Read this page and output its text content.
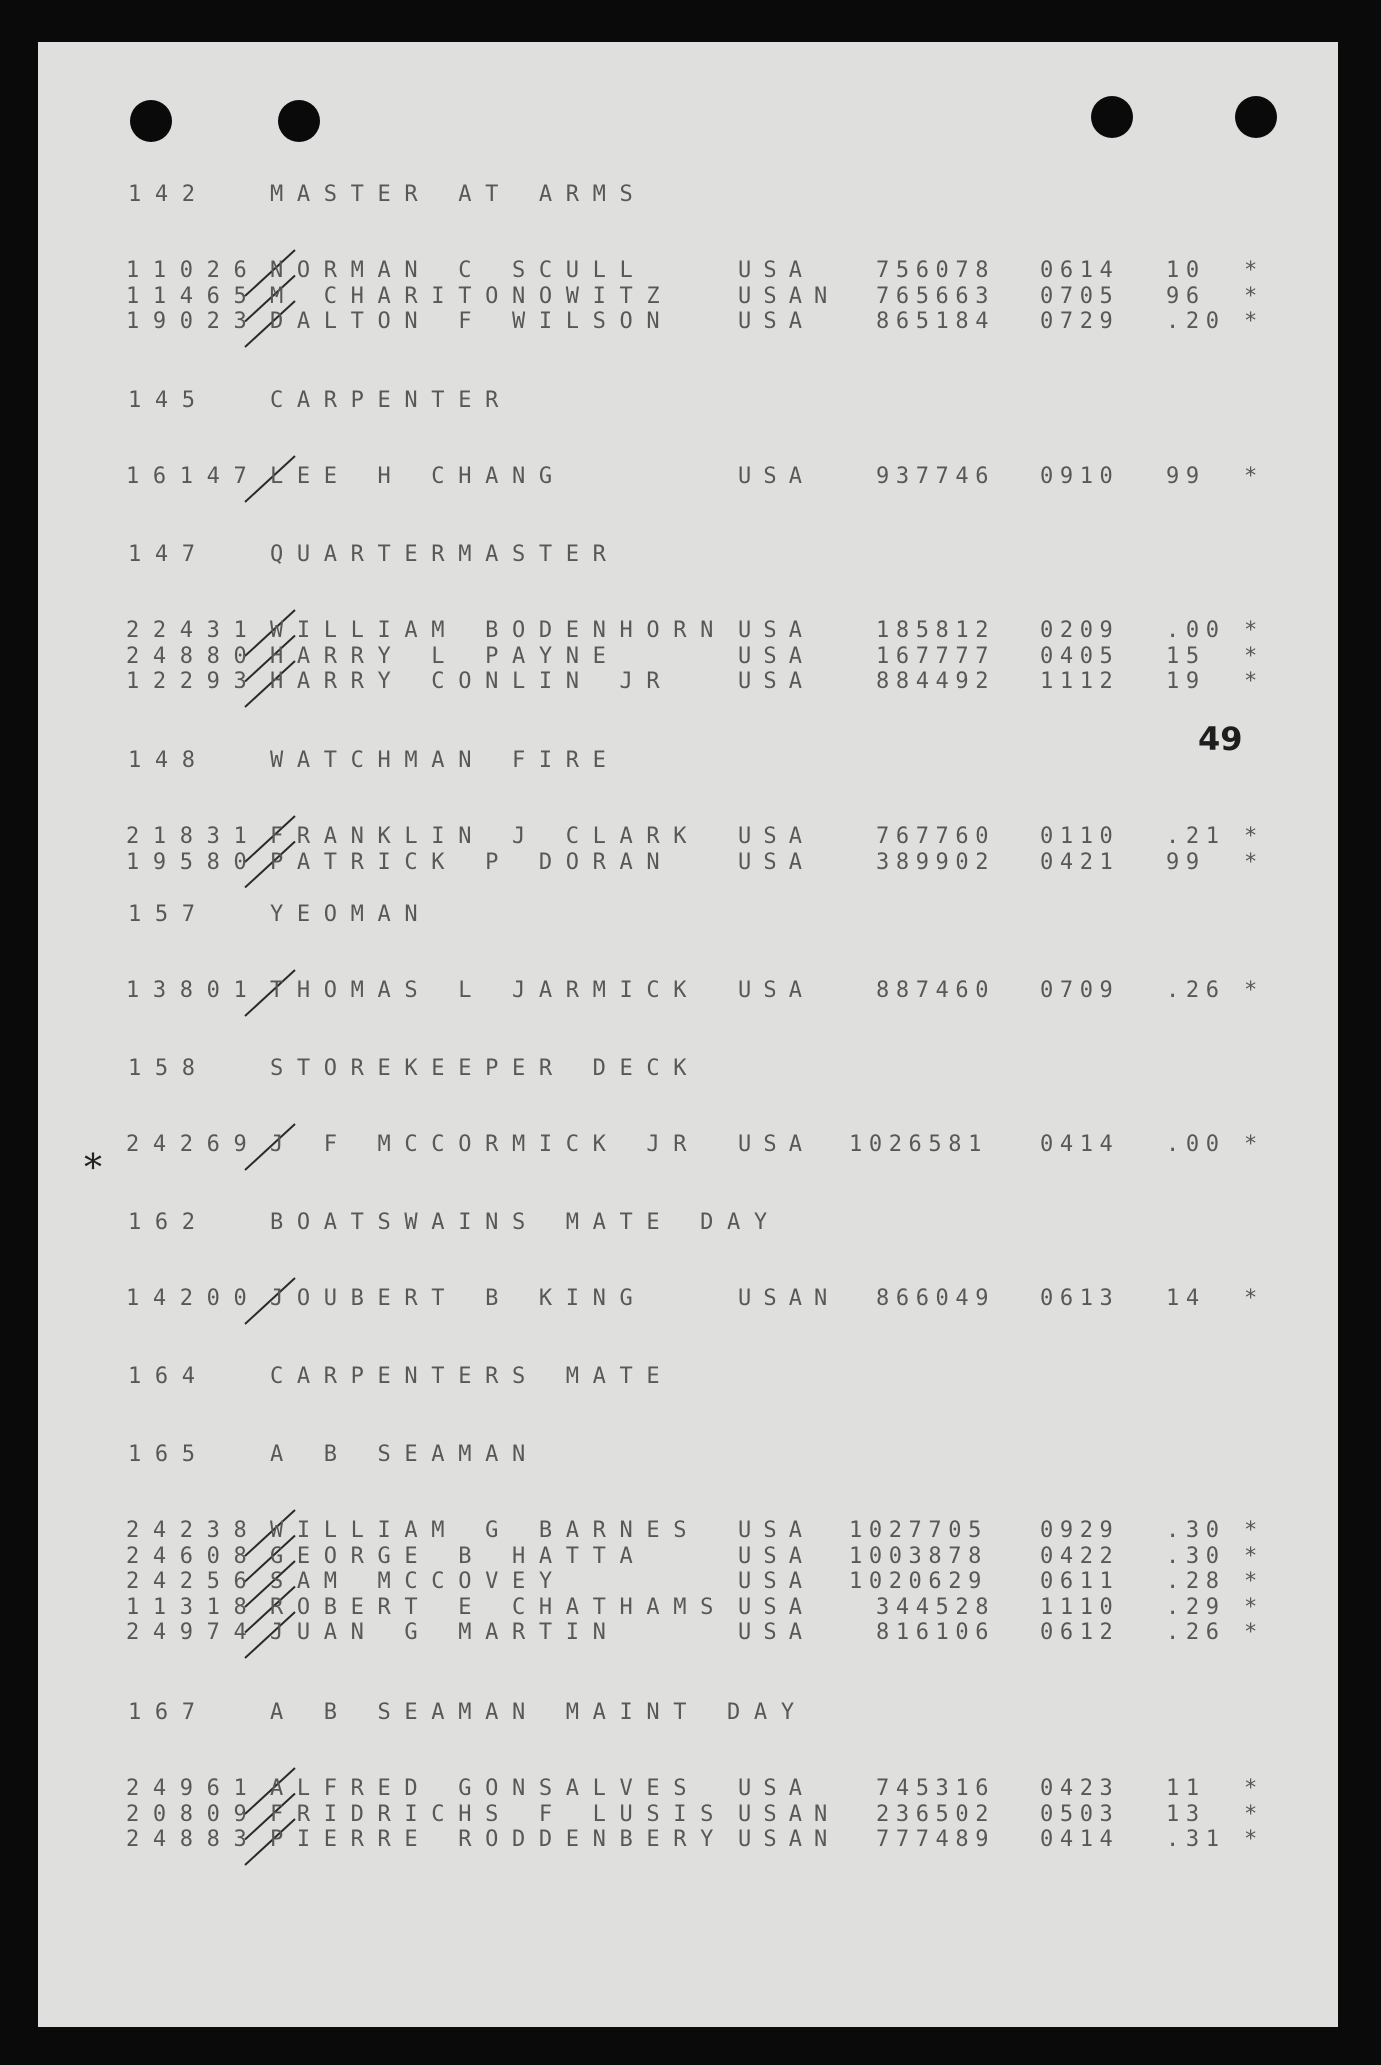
49
*
142	MASTER AT ARMS
11026 NORMAN C SCULL	USA	756078 0614 10 *
11465 M CHARITONOWITZ	USAN 765663 0705 96 *
19023 DALTON F WILSON	USA	865184 0729 .20 *
145	CARPENTER
16147 LEE H CHANG	USA	937746 0910 99 *
147	QUARTERMASTER
22431 WILLIAM BODENHORN USA	185812 0209 .00 *
24880 HARRY L PAYNE	USA	167777 0405 15 *
12293 HARRY CONLIN JR	USA	884492 1112 19 *
148	WATCHMAN FIRE
21831 FRANKLIN J CLARK USA	767760 0110 .21 *
19580 PATRICK P DORAN	USA	389902 0421 99 *
157	YEOMAN
13801 THOMAS L JARMICK USA	887460 0709 .26 *
158	STOREKEEPER DECK
24269 J F MCCORMICK JR USA 1026581 0414 .00 *
162	BOATSWAINS MATE DAY
14200 JOUBERT B KING	USAN 866049 0613 14 *
164	CARPENTERS MATE
165	A B SEAMAN
24238 WILLIAM G BARNES USA 1027705 0929 .30 *
24608 GEORGE B HATTA	USA 1003878 0422 .30 *
24256 SAM MCCOVEY	USA 1020629 0611 .28 *
11318 ROBERT E CHATHAMS USA	344528 1110 .29 *
24974 JUAN G MARTIN	USA	816106 0612 .26 *
167	A B SEAMAN MAINT DAY
24961 ALFRED GONSALVES USA	745316 0423 11 *
20809 FRIDRICHS F LUSIS USAN 236502 0503 13 *
24883 PIERRE RODDENBERY USAN 777489 0414 .31 *
